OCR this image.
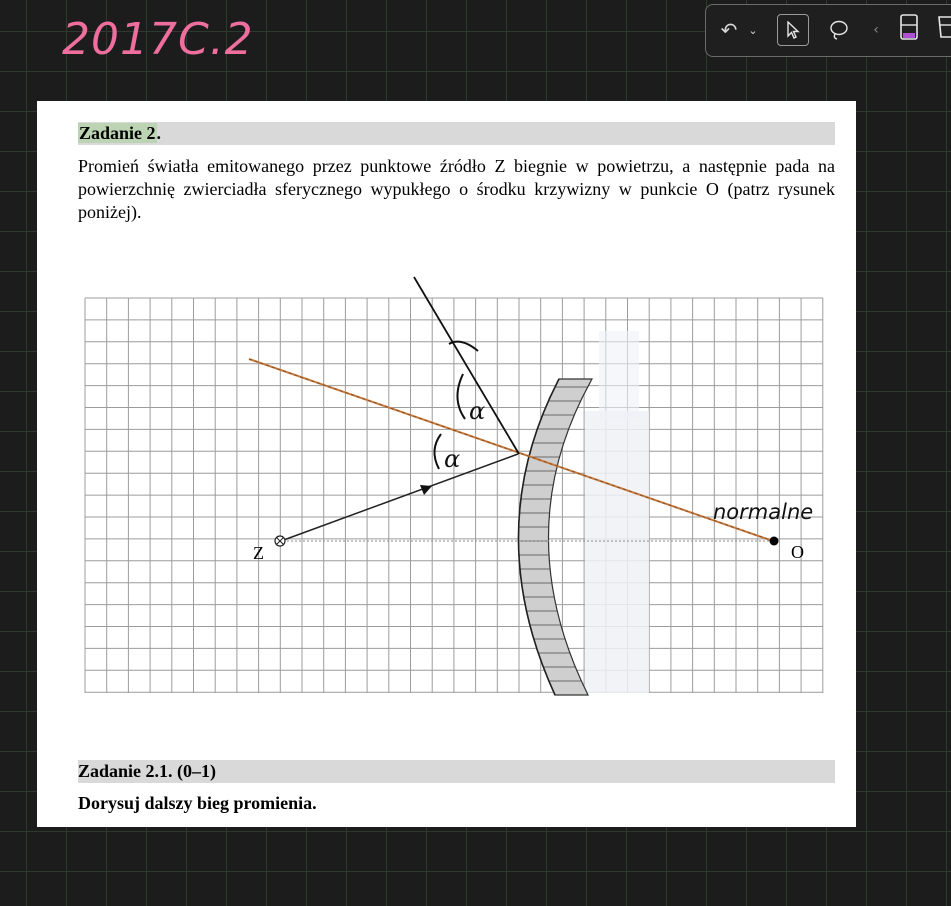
2017C.2	↶	⌄	‹
Zadanie 2.
Promień światła emitowanego przez punktowe źródło Z biegnie w powietrzu, a następnie pada na powierzchnię zwierciadła sferycznego wypukłego o środku krzywizny w punkcie O (patrz rysunek poniżej).
α
α
Z	O
normalne
Zadanie 2.1. (0–1)
Dorysuj dalszy bieg promienia.
